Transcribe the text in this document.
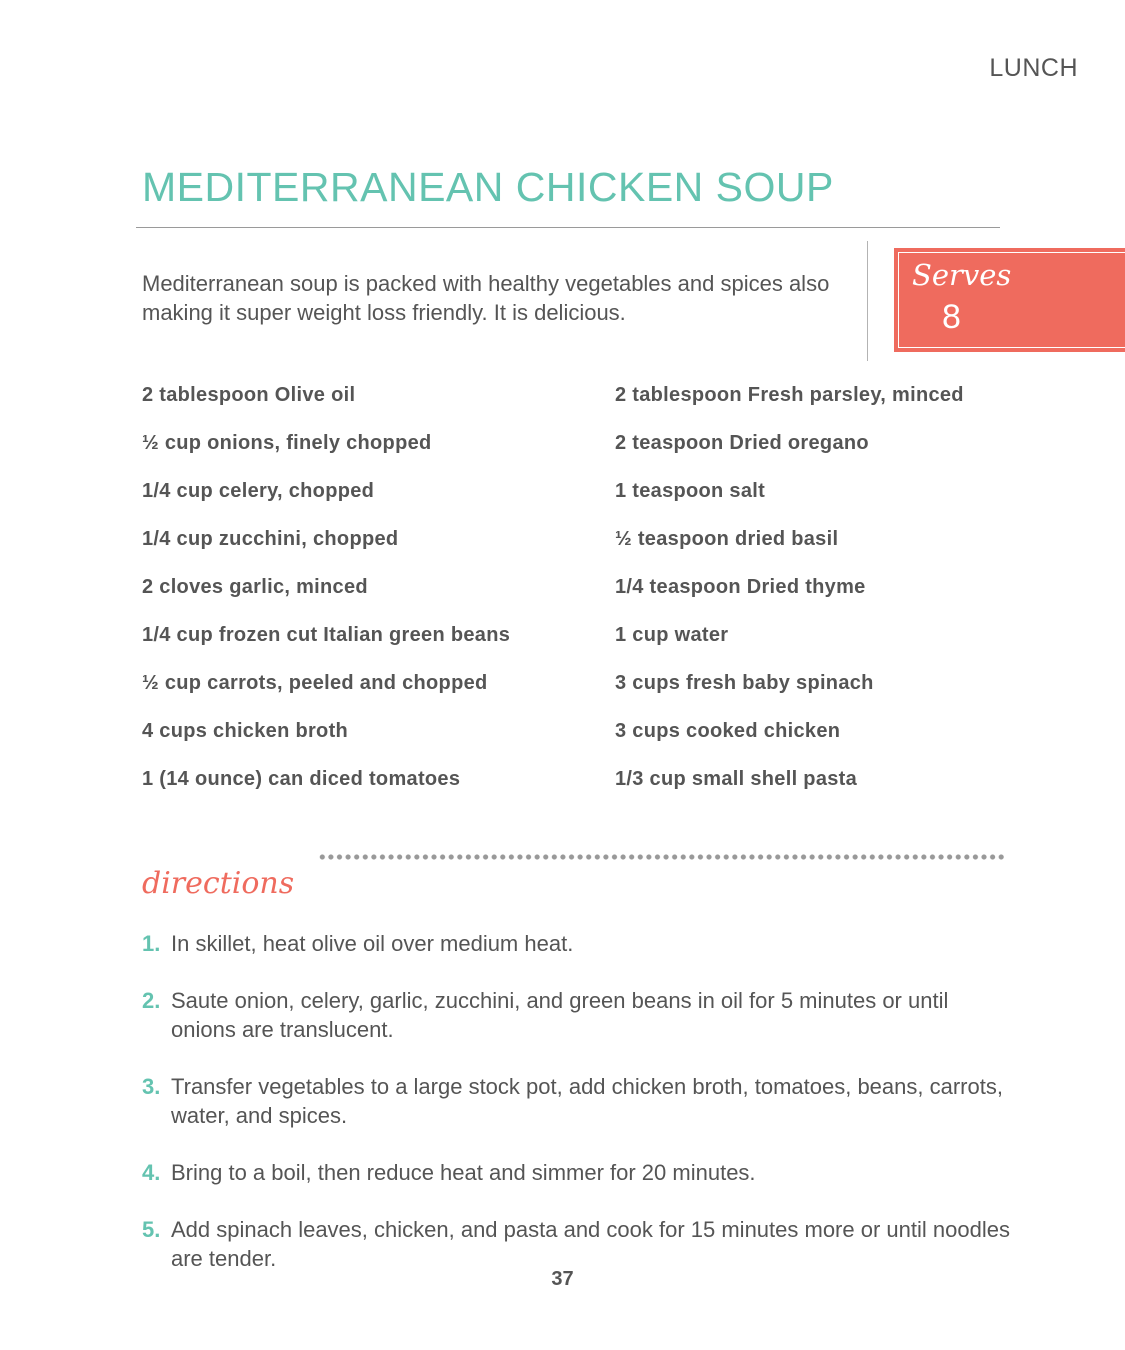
LUNCH
MEDITERRANEAN CHICKEN SOUP

Mediterranean soup is packed with healthy vegetables and spices also making it super weight loss friendly. It is delicious.

Serves
8
2 tablespoon Olive oil
½ cup onions, finely chopped
1/4 cup celery, chopped
1/4 cup zucchini, chopped
2 cloves garlic, minced
1/4 cup frozen cut Italian green beans
½ cup carrots, peeled and chopped
4 cups chicken broth
1 (14 ounce) can diced tomatoes
2 tablespoon Fresh parsley, minced
2 teaspoon Dried oregano
1 teaspoon salt
½ teaspoon dried basil
1/4 teaspoon Dried thyme
1 cup water
3 cups fresh baby spinach
3 cups cooked chicken
1/3 cup small shell pasta
directions
1. In skillet, heat olive oil over medium heat.
2. Saute onion, celery, garlic, zucchini, and green beans in oil for 5 minutes or until onions are translucent.
3. Transfer vegetables to a large stock pot, add chicken broth, tomatoes, beans, carrots, water, and spices.
4. Bring to a boil, then reduce heat and simmer for 20 minutes.
5. Add spinach leaves, chicken, and pasta and cook for 15 minutes more or until noodles are tender.
37
